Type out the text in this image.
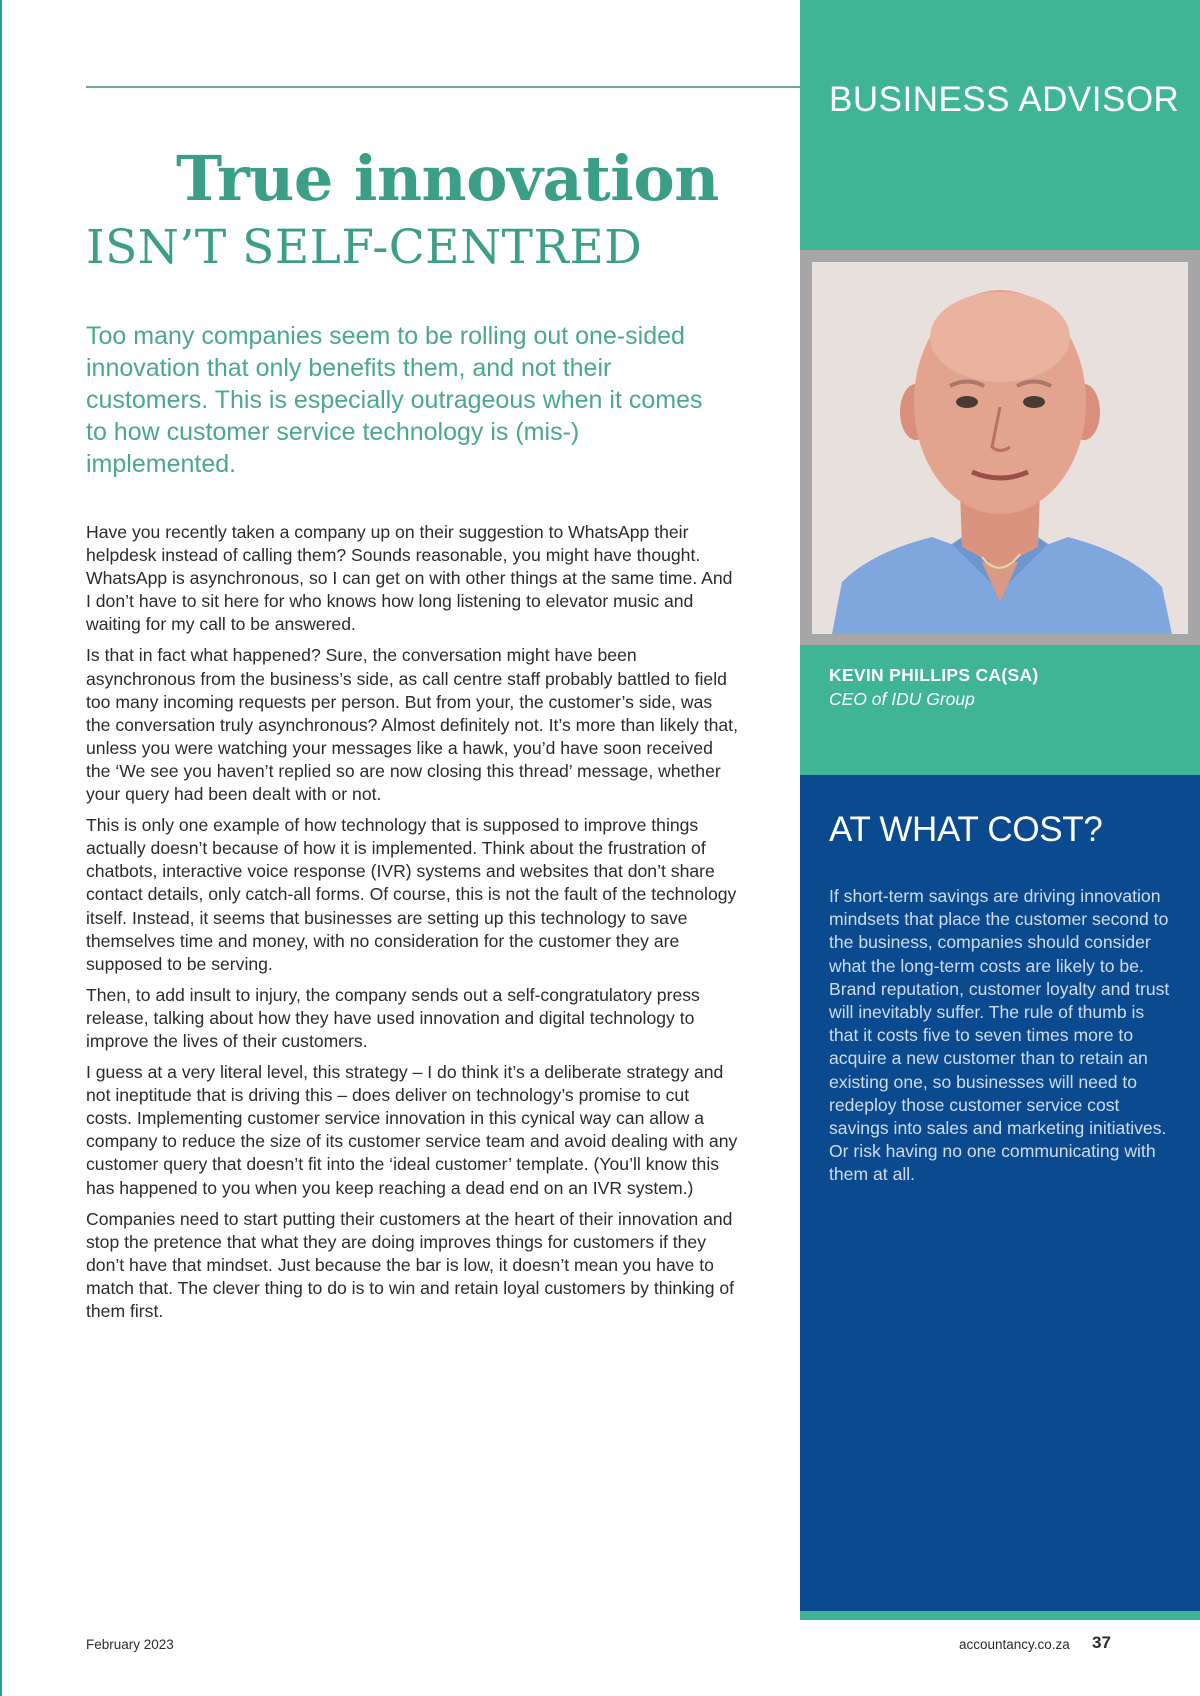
True innovation
ISN’T SELF-CENTRED

Too many companies seem to be rolling out one-sided innovation that only benefits them, and not their customers. This is especially outrageous when it comes to how customer service technology is (mis-) implemented.

Have you recently taken a company up on their suggestion to WhatsApp their helpdesk instead of calling them? Sounds reasonable, you might have thought. WhatsApp is asynchronous, so I can get on with other things at the same time. And I don’t have to sit here for who knows how long listening to elevator music and waiting for my call to be answered.

Is that in fact what happened? Sure, the conversation might have been asynchronous from the business’s side, as call centre staff probably battled to field too many incoming requests per person. But from your, the customer’s side, was the conversation truly asynchronous? Almost definitely not. It’s more than likely that, unless you were watching your messages like a hawk, you’d have soon received the ‘We see you haven’t replied so are now closing this thread’ message, whether your query had been dealt with or not.

This is only one example of how technology that is supposed to improve things actually doesn’t because of how it is implemented. Think about the frustration of chatbots, interactive voice response (IVR) systems and websites that don’t share contact details, only catch-all forms. Of course, this is not the fault of the technology itself. Instead, it seems that businesses are setting up this technology to save themselves time and money, with no consideration for the customer they are supposed to be serving.

Then, to add insult to injury, the company sends out a self-congratulatory press release, talking about how they have used innovation and digital technology to improve the lives of their customers.

I guess at a very literal level, this strategy – I do think it’s a deliberate strategy and not ineptitude that is driving this – does deliver on technology’s promise to cut costs. Implementing customer service innovation in this cynical way can allow a company to reduce the size of its customer service team and avoid dealing with any customer query that doesn’t fit into the ‘ideal customer’ template. (You’ll know this has happened to you when you keep reaching a dead end on an IVR system.)

Companies need to start putting their customers at the heart of their innovation and stop the pretence that what they are doing improves things for customers if they don’t have that mindset. Just because the bar is low, it doesn’t mean you have to match that. The clever thing to do is to win and retain loyal customers by thinking of them first.

BUSINESS ADVISOR

KEVIN PHILLIPS CA(SA)

CEO of IDU Group

AT WHAT COST?

If short-term savings are driving innovation mindsets that place the customer second to the business, companies should consider what the long-term costs are likely to be. Brand reputation, customer loyalty and trust will inevitably suffer. The rule of thumb is that it costs five to seven times more to acquire a new customer than to retain an existing one, so businesses will need to redeploy those customer service cost savings into sales and marketing initiatives. Or risk having no one communicating with them at all.

February 2023	accountancy.co.za 37
